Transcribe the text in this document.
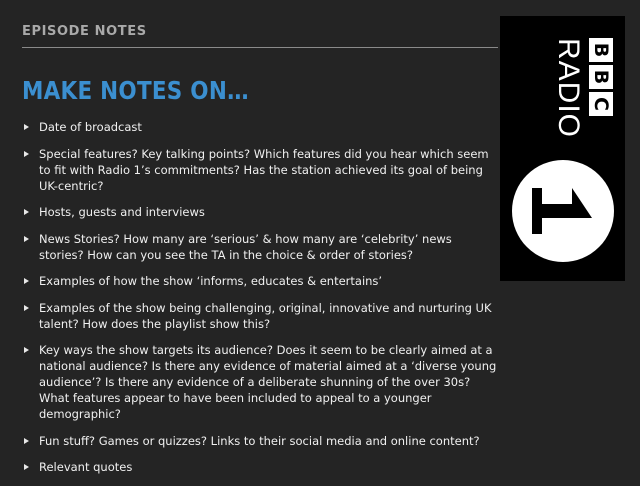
EPISODE NOTES
MAKE NOTES ON…
Date of broadcast
Special features? Key talking points? Which features did you hear which seem to fit with Radio 1’s commitments? Has the station achieved its goal of being UK-centric?
Hosts, guests and interviews
News Stories? How many are ‘serious’ & how many are ‘celebrity’ news stories? How can you see the TA in the choice & order of stories?
Examples of how the show ‘informs, educates & entertains’
Examples of the show being challenging, original, innovative and nurturing UK talent? How does the playlist show this?
Key ways the show targets its audience? Does it seem to be clearly aimed at a national audience? Is there any evidence of material aimed at a ‘diverse young audience’? Is there any evidence of a deliberate shunning of the over 30s? What features appear to have been included to appeal to a younger demographic?
Fun stuff? Games or quizzes? Links to their social media and online content?
Relevant quotes
B
B
C
RADIO
